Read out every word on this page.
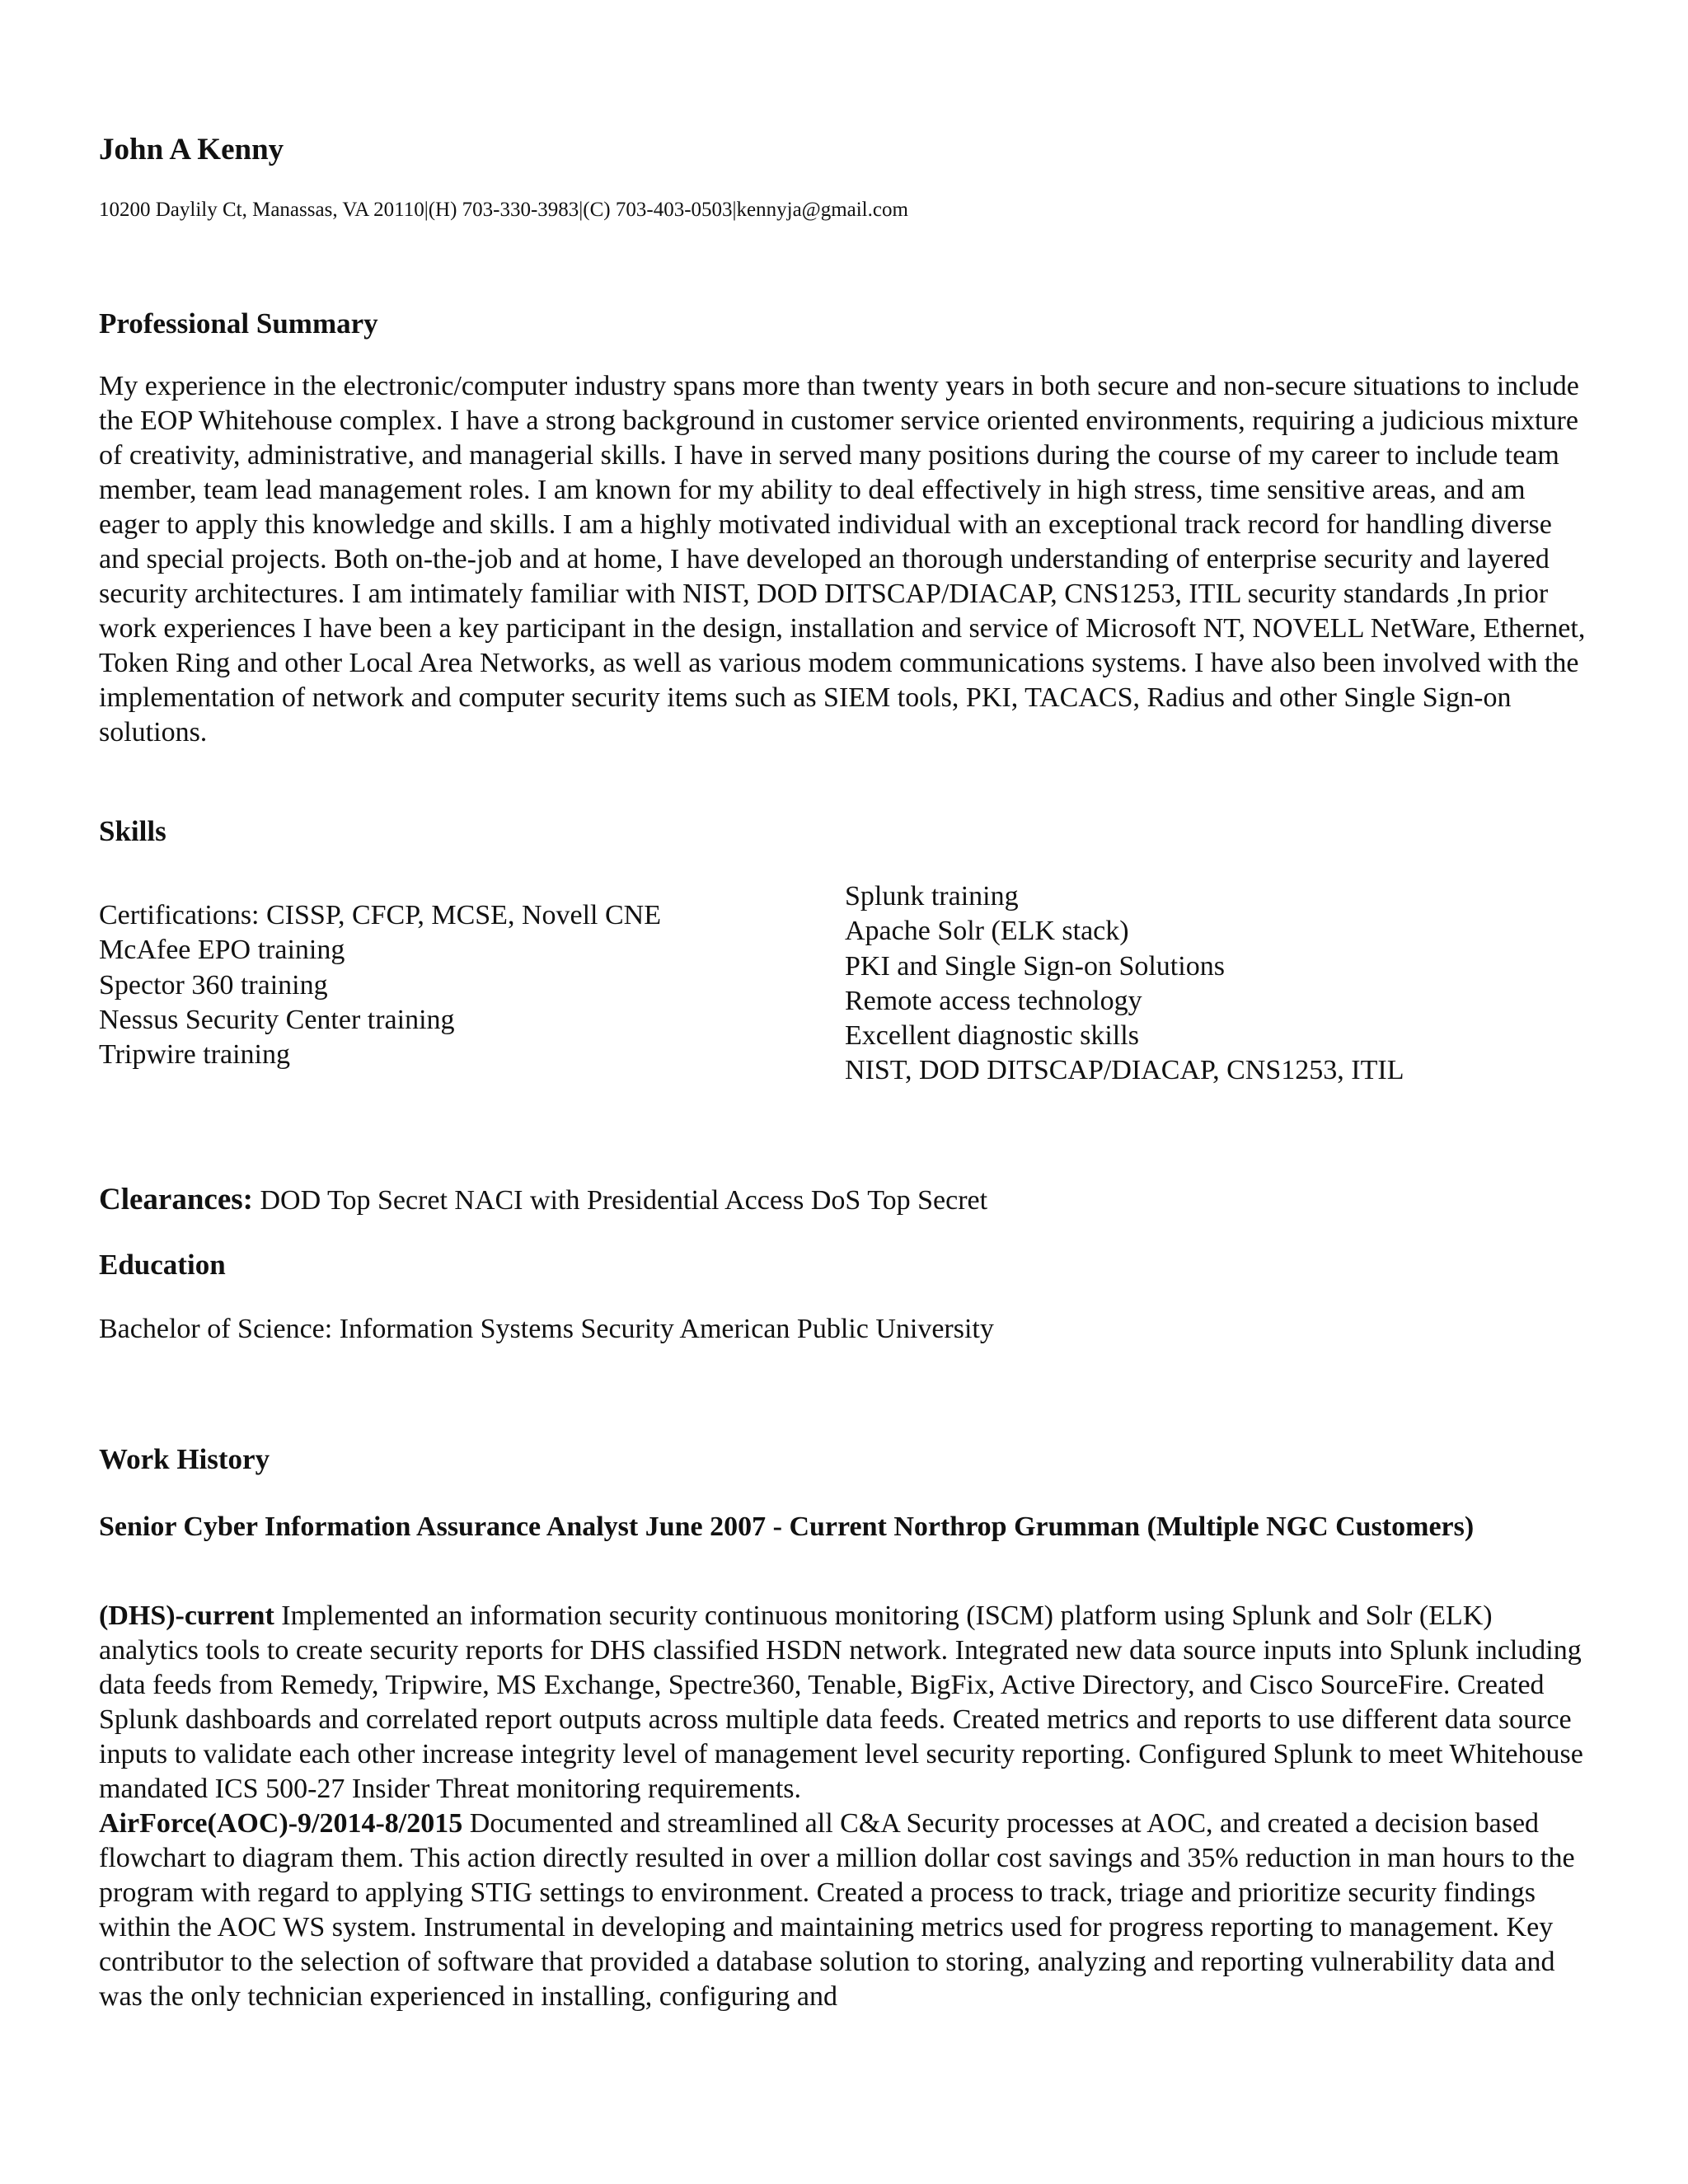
John A Kenny

10200 Daylily Ct, Manassas, VA 20110|(H) 703-330-3983|(C) 703-403-0503|kennyja@gmail.com

Professional Summary

My experience in the electronic/computer industry spans more than twenty years in both secure and non-secure situations to include the EOP Whitehouse complex. I have a strong background in customer service oriented environments, requiring a judicious mixture of creativity, administrative, and managerial skills. I have in served many positions during the course of my career to include team member, team lead management roles. I am known for my ability to deal effectively in high stress, time sensitive areas, and am eager to apply this knowledge and skills. I am a highly motivated individual with an exceptional track record for handling diverse and special projects. Both on-the-job and at home, I have developed an thorough understanding of enterprise security and layered security architectures. I am intimately familiar with NIST, DOD DITSCAP/DIACAP, CNS1253, ITIL security standards ,In prior work experiences I have been a key participant in the design, installation and service of Microsoft NT, NOVELL NetWare, Ethernet, Token Ring and other Local Area Networks, as well as various modem communications systems. I have also been involved with the implementation of network and computer security items such as SIEM tools, PKI, TACACS, Radius and other Single Sign-on solutions.

Skills
Certifications: CISSP, CFCP, MCSE, Novell CNE
McAfee EPO training
Spector 360 training
Nessus Security Center training
Tripwire training
Splunk training
Apache Solr (ELK stack)
PKI and Single Sign-on Solutions
Remote access technology
Excellent diagnostic skills
NIST, DOD DITSCAP/DIACAP, CNS1253, ITIL

Clearances: DOD Top Secret NACI with Presidential Access DoS Top Secret

Education

Bachelor of Science: Information Systems Security American Public University

Work History
Senior Cyber Information Assurance Analyst June 2007 - Current Northrop Grumman (Multiple NGC Customers)
(DHS)-current Implemented an information security continuous monitoring (ISCM) platform using Splunk and Solr (ELK) analytics tools to create security reports for DHS classified HSDN network. Integrated new data source inputs into Splunk including data feeds from Remedy, Tripwire, MS Exchange, Spectre360, Tenable, BigFix, Active Directory, and Cisco SourceFire. Created Splunk dashboards and correlated report outputs across multiple data feeds. Created metrics and reports to use different data source inputs to validate each other increase integrity level of management level security reporting. Configured Splunk to meet Whitehouse mandated ICS 500-27 Insider Threat monitoring requirements.
AirForce(AOC)-9/2014-8/2015 Documented and streamlined all C&A Security processes at AOC, and created a decision based flowchart to diagram them. This action directly resulted in over a million dollar cost savings and 35% reduction in man hours to the program with regard to applying STIG settings to environment. Created a process to track, triage and prioritize security findings within the AOC WS system. Instrumental in developing and maintaining metrics used for progress reporting to management. Key contributor to the selection of software that provided a database solution to storing, analyzing and reporting vulnerability data and was the only technician experienced in installing, configuring and
